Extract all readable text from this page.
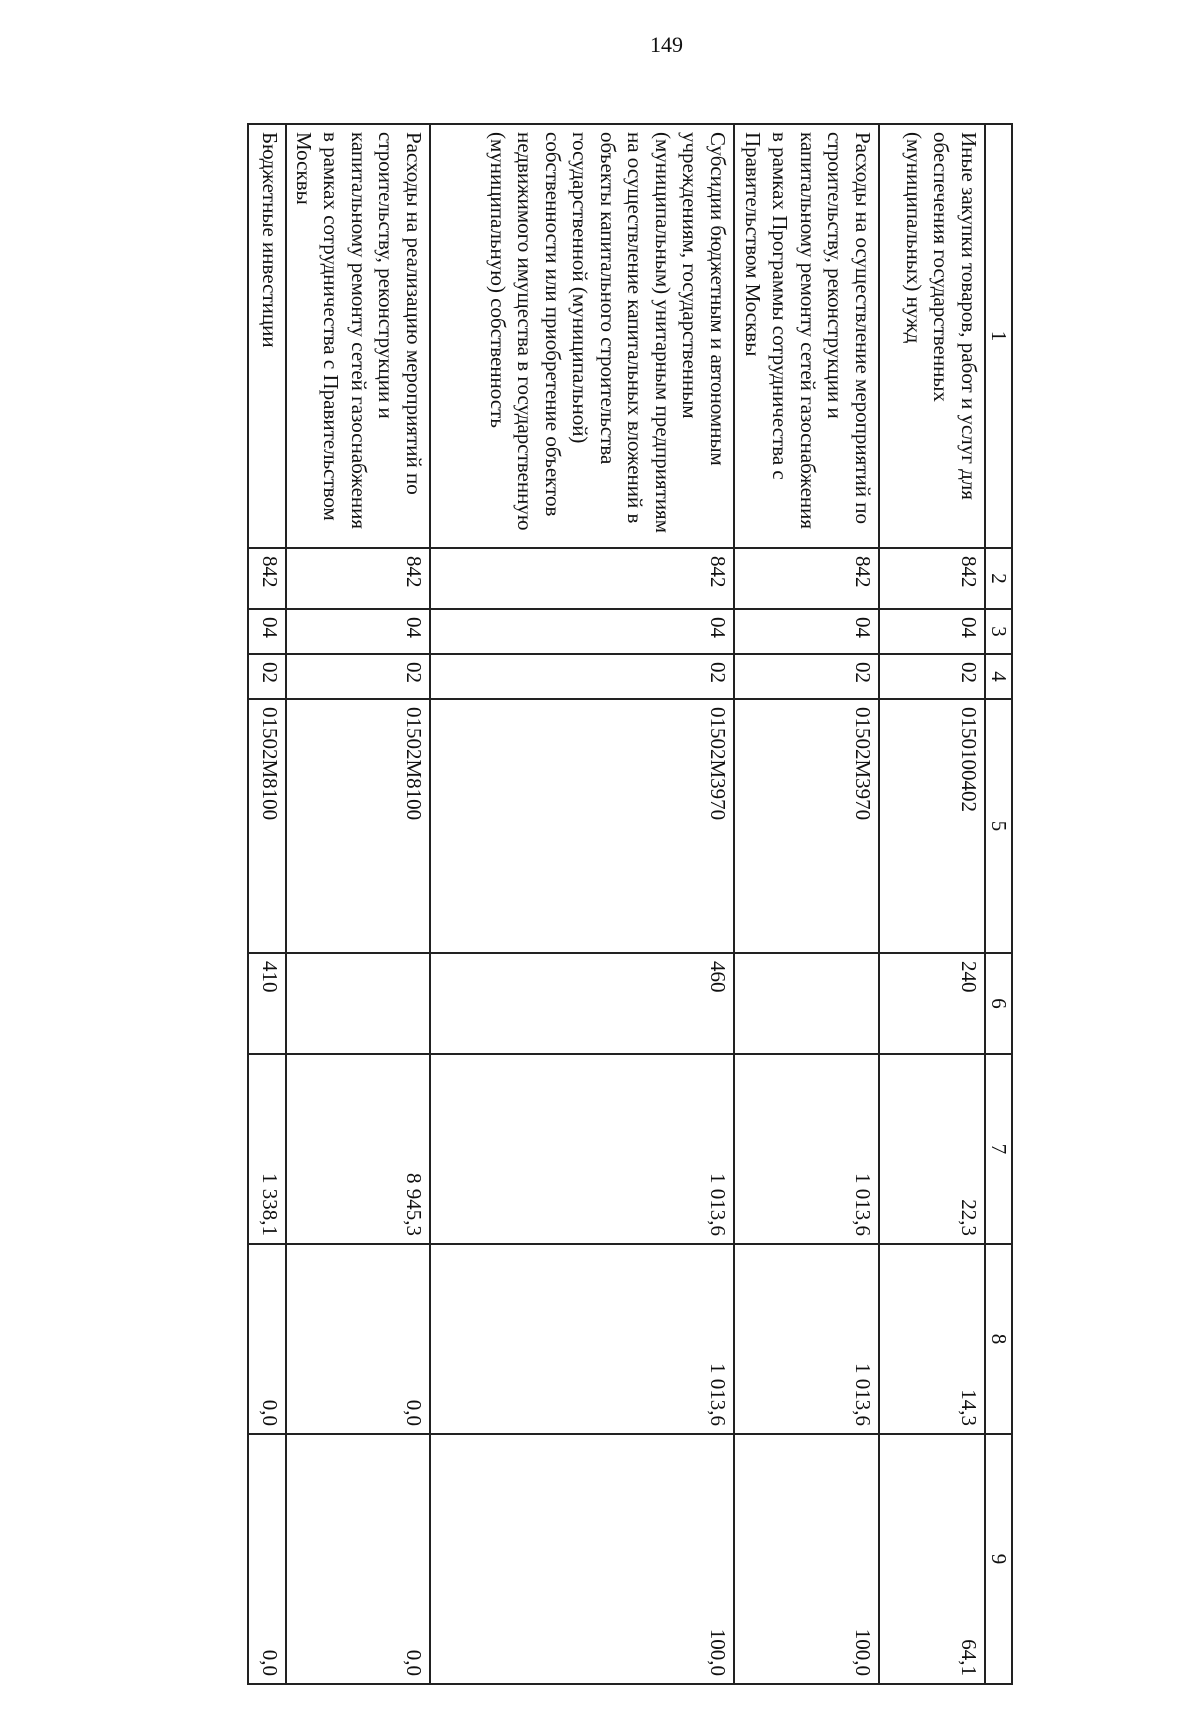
149
1	2	3	4	5	6	7	8	9
Иные закупки товаров, работ и услуг для обеспечения государственных (муниципальных) нужд	842	04	02	0150100402	240	22,3	14,3	64,1
Расходы на осуществление мероприятий по строительству, реконструкции и капитальному ремонту сетей газоснабжения в рамках Программы сотрудничества с Правительством Москвы	842	04	02	01502M3970		1 013,6	1 013,6	100,0
Субсидии бюджетным и автономным учреждениям, государственным (муниципальным) унитарным предприятиям на осуществление капитальных вложений в объекты капитального строительства государственной (муниципальной) собственности или приобретение объектов недвижимого имущества в государственную (муниципальную) собственность	842	04	02	01502M3970	460	1 013,6	1 013,6	100,0
Расходы на реализацию мероприятий по строительству, реконструкции и капитальному ремонту сетей газоснабжения в рамках сотрудничества с Правительством Москвы	842	04	02	01502M8100		8 945,3	0,0	0,0
Бюджетные инвестиции	842	04	02	01502M8100	410	1 338,1	0,0	0,0
